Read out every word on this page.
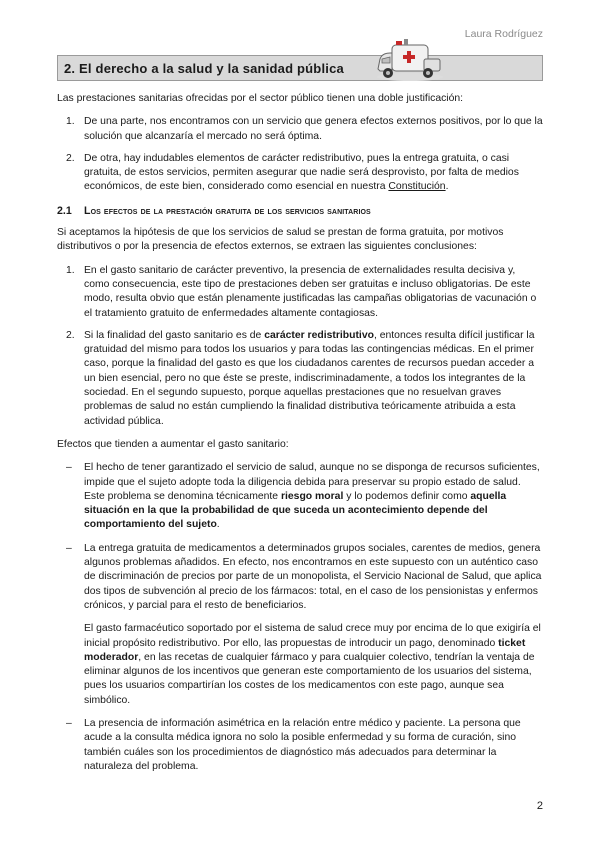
Laura Rodríguez
2. El derecho a la salud y la sanidad pública

Las prestaciones sanitarias ofrecidas por el sector público tienen una doble justificación:

1. De una parte, nos encontramos con un servicio que genera efectos externos positivos, por lo que la solución que alcanzaría el mercado no será óptima.
2. De otra, hay indudables elementos de carácter redistributivo, pues la entrega gratuita, o casi gratuita, de estos servicios, permiten asegurar que nadie será desprovisto, por falta de medios económicos, de este bien, considerado como esencial en nuestra Constitución.
2.1 Los efectos de la prestación gratuita de los servicios sanitarios

Si aceptamos la hipótesis de que los servicios de salud se prestan de forma gratuita, por motivos distributivos o por la presencia de efectos externos, se extraen las siguientes conclusiones:

1. En el gasto sanitario de carácter preventivo, la presencia de externalidades resulta decisiva y, como consecuencia, este tipo de prestaciones deben ser gratuitas e incluso obligatorias. De este modo, resulta obvio que están plenamente justificadas las campañas obligatorias de vacunación o el tratamiento gratuito de enfermedades altamente contagiosas.
2. Si la finalidad del gasto sanitario es de carácter redistributivo, entonces resulta difícil justificar la gratuidad del mismo para todos los usuarios y para todas las contingencias médicas. En el primer caso, porque la finalidad del gasto es que los ciudadanos carentes de recursos puedan acceder a un bien esencial, pero no que éste se preste, indiscriminadamente, a todos los integrantes de la sociedad. En el segundo supuesto, porque aquellas prestaciones que no resuelvan graves problemas de salud no están cumpliendo la finalidad distributiva teóricamente atribuida a esta actividad pública.

Efectos que tienden a aumentar el gasto sanitario:

– El hecho de tener garantizado el servicio de salud, aunque no se disponga de recursos suficientes, impide que el sujeto adopte toda la diligencia debida para preservar su propio estado de salud. Este problema se denomina técnicamente riesgo moral y lo podemos definir como aquella situación en la que la probabilidad de que suceda un acontecimiento depende del comportamiento del sujeto.
– La entrega gratuita de medicamentos a determinados grupos sociales, carentes de medios, genera algunos problemas añadidos. En efecto, nos encontramos en este supuesto con un auténtico caso de discriminación de precios por parte de un monopolista, el Servicio Nacional de Salud, que aplica dos tipos de subvención al precio de los fármacos: total, en el caso de los pensionistas y enfermos crónicos, y parcial para el resto de beneficiarios.

El gasto farmacéutico soportado por el sistema de salud crece muy por encima de lo que exigiría el inicial propósito redistributivo. Por ello, las propuestas de introducir un pago, denominado ticket moderador, en las recetas de cualquier fármaco y para cualquier colectivo, tendrían la ventaja de eliminar algunos de los incentivos que generan este comportamiento de los usuarios del sistema, pues los usuarios compartirían los costes de los medicamentos con este pago, aunque sea simbólico.

– La presencia de información asimétrica en la relación entre médico y paciente. La persona que acude a la consulta médica ignora no solo la posible enfermedad y su forma de curación, sino también cuáles son los procedimientos de diagnóstico más adecuados para determinar la naturaleza del problema.
2
